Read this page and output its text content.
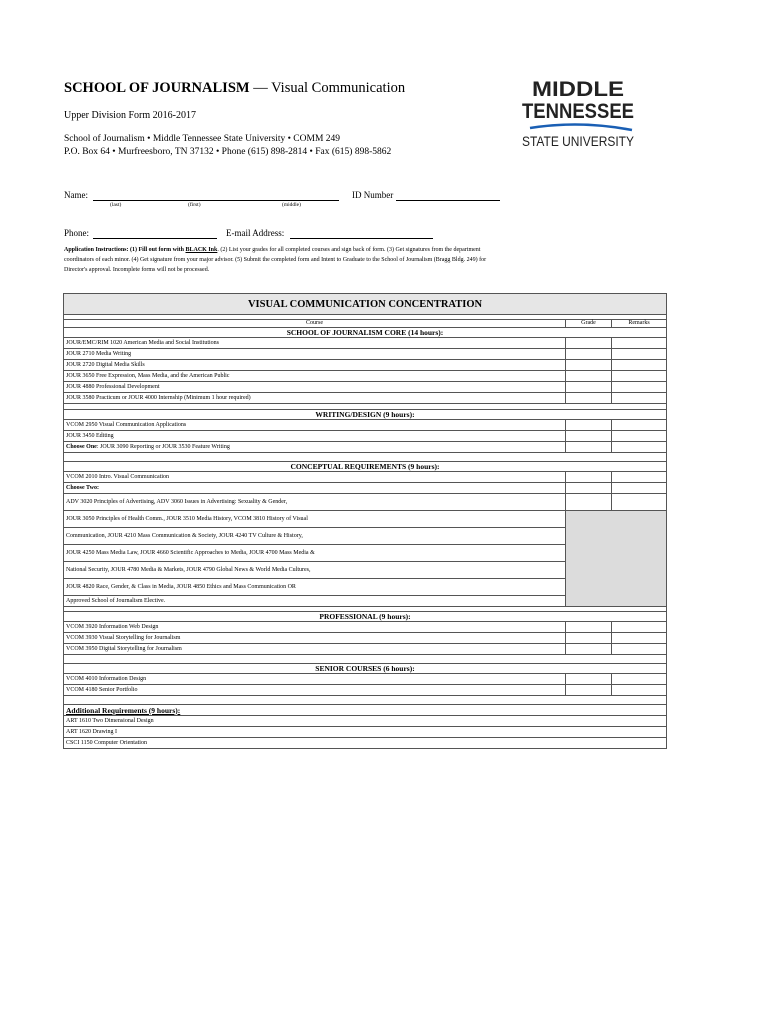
SCHOOL OF JOURNALISM — Visual Communication
Upper Division Form 2016-2017
School of Journalism • Middle Tennessee State University • COMM 249
P.O. Box 64 • Murfreesboro, TN 37132 • Phone (615) 898-2814 • Fax (615) 898-5862
MIDDLE
TENNESSEE
STATE UNIVERSITY
Name:
(last)	(first)	(middle)
ID Number
Phone:	E-mail Address:
Application Instructions: (1) Fill out form with BLACK Ink. (2) List your grades for all completed courses and sign back of form. (3) Get signatures from the department coordinators of each minor. (4) Get signature from your major advisor. (5) Submit the completed form and Intent to Graduate to the School of Journalism (Bragg Bldg. 249) for Director's approval. Incomplete forms will not be processed.
VISUAL COMMUNICATION CONCENTRATION		

Course	Grade	Remarks
SCHOOL OF JOURNALISM CORE (14 hours):		
JOUR/EMC/RIM 1020 American Media and Social Institutions		
JOUR 2710 Media Writing		
JOUR 2720 Digital Media Skills		
JOUR 3650 Free Expression, Mass Media, and the American Public		
JOUR 4880 Professional Development		
JOUR 3580 Practicum or JOUR 4000 Internship (Minimum 1 hour required)		

WRITING/DESIGN (9 hours):		
VCOM 2950 Visual Communication Applications		
JOUR 3450 Editing		
Choose One: JOUR 3090 Reporting or JOUR 3530 Feature Writing		

CONCEPTUAL REQUIREMENTS (9 hours):		
VCOM 2010 Intro. Visual Communication		
Choose Two:		
ADV 3020 Principles of Advertising, ADV 3060 Issues in Advertising: Sexuality & Gender,		
JOUR 3050 Principles of Health Comm., JOUR 3510 Media History, VCOM 3810 History of Visual		
Communication, JOUR 4210 Mass Communication & Society, JOUR 4240 TV Culture & History,		
JOUR 4250 Mass Media Law, JOUR 4660 Scientific Approaches to Media, JOUR 4700 Mass Media &		
National Security, JOUR 4780 Media & Markets, JOUR 4790 Global News & World Media Cultures,		
JOUR 4820 Race, Gender, & Class in Media, JOUR 4850 Ethics and Mass Communication OR		
Approved School of Journalism Elective.		

PROFESSIONAL (9 hours):		
VCOM 3920 Information Web Design		
VCOM 3930 Visual Storytelling for Journalism		
VCOM 3950 Digital Storytelling for Journalism		

SENIOR COURSES (6 hours):		
VCOM 4010 Information Design		
VCOM 4180 Senior Portfolio		

Additional Requirements (9 hours):		
ART 1610 Two Dimensional Design		
ART 1620 Drawing I		
CSCI 1150 Computer Orientation		
